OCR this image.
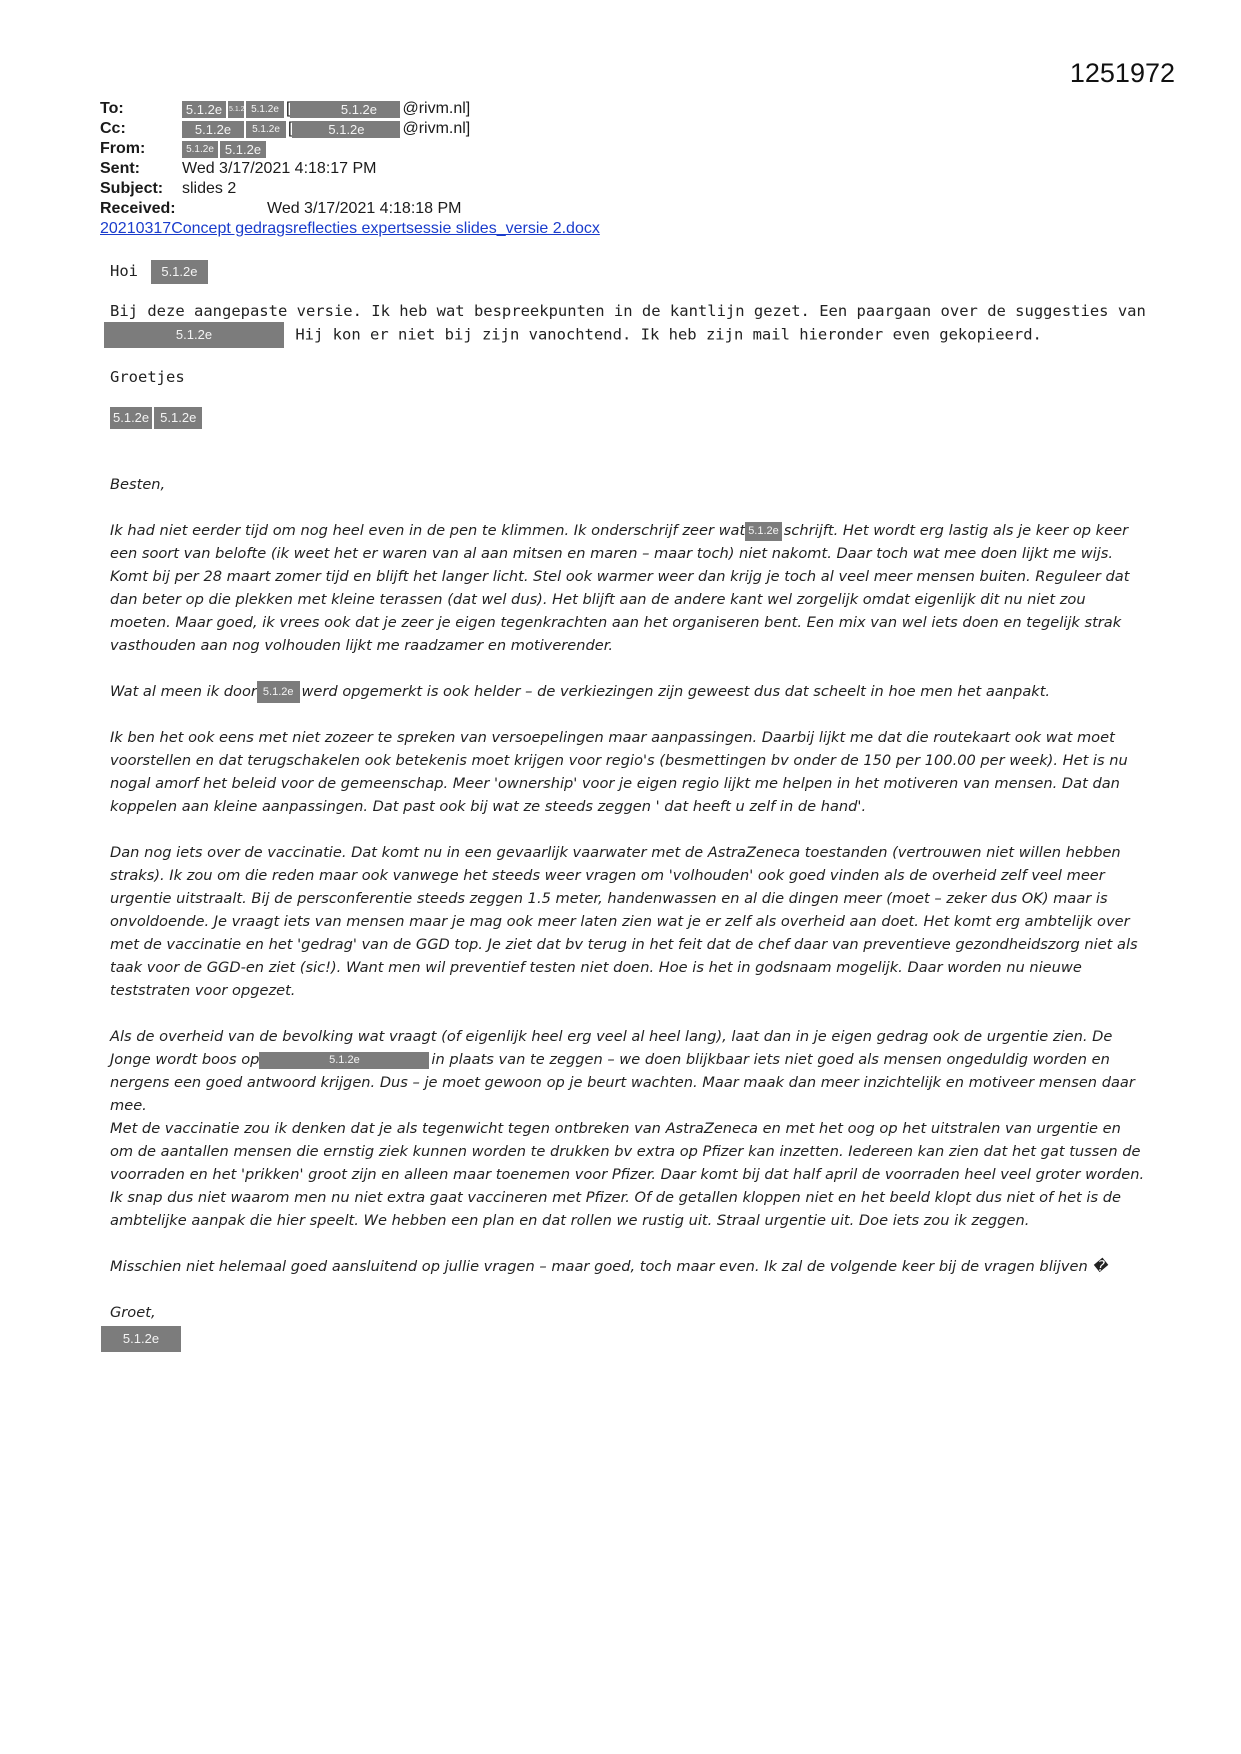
1251972
To:	5.1.2e 5.1.2 5.1.2e [	5.1.2e	@rivm.nl]
Cc:	5.1.2e	5.1.2e [	5.1.2e	@rivm.nl]
From:	5.1.2e 5.1.2e
Sent:	Wed 3/17/2021 4:18:17 PM
Subject:	slides 2
Received:	Wed 3/17/2021 4:18:18 PM
20210317Concept gedragsreflecties expertsessie slides_versie 2.docx

Hoi 5.1.2e

Bij deze aangepaste versie. Ik heb wat bespreekpunten in de kantlijn gezet. Een paargaan over de suggesties van

5.1.2e	Hij kon er niet bij zijn vanochtend. Ik heb zijn mail hieronder even gekopieerd.

Groetjes

5.1.2e 5.1.2e

Besten,

Ik had niet eerder tijd om nog heel even in de pen te klimmen. Ik onderschrijf zeer wat 5.1.2e schrijft. Het wordt erg lastig als je keer op keer een soort van belofte (ik weet het er waren van al aan mitsen en maren – maar toch) niet nakomt. Daar toch wat mee doen lijkt me wijs. Komt bij per 28 maart zomer tijd en blijft het langer licht. Stel ook warmer weer dan krijg je toch al veel meer mensen buiten. Reguleer dat dan beter op die plekken met kleine terassen (dat wel dus). Het blijft aan de andere kant wel zorgelijk omdat eigenlijk dit nu niet zou moeten. Maar goed, ik vrees ook dat je zeer je eigen tegenkrachten aan het organiseren bent. Een mix van wel iets doen en tegelijk strak vasthouden aan nog volhouden lijkt me raadzamer en motiverender.

Wat al meen ik door 5.1.2e werd opgemerkt is ook helder – de verkiezingen zijn geweest dus dat scheelt in hoe men het aanpakt.

Ik ben het ook eens met niet zozeer te spreken van versoepelingen maar aanpassingen. Daarbij lijkt me dat die routekaart ook wat moet voorstellen en dat terugschakelen ook betekenis moet krijgen voor regio's (besmettingen bv onder de 150 per 100.00 per week). Het is nu nogal amorf het beleid voor de gemeenschap. Meer 'ownership' voor je eigen regio lijkt me helpen in het motiveren van mensen. Dat dan koppelen aan kleine aanpassingen. Dat past ook bij wat ze steeds zeggen ' dat heeft u zelf in de hand'.

Dan nog iets over de vaccinatie. Dat komt nu in een gevaarlijk vaarwater met de AstraZeneca toestanden (vertrouwen niet willen hebben straks). Ik zou om die reden maar ook vanwege het steeds weer vragen om 'volhouden' ook goed vinden als de overheid zelf veel meer urgentie uitstraalt. Bij de persconferentie steeds zeggen 1.5 meter, handenwassen en al die dingen meer (moet – zeker dus OK) maar is onvoldoende. Je vraagt iets van mensen maar je mag ook meer laten zien wat je er zelf als overheid aan doet. Het komt erg ambtelijk over met de vaccinatie en het 'gedrag' van de GGD top. Je ziet dat bv terug in het feit dat de chef daar van preventieve gezondheidszorg niet als taak voor de GGD-en ziet (sic!). Want men wil preventief testen niet doen. Hoe is het in godsnaam mogelijk. Daar worden nu nieuwe teststraten voor opgezet.

Als de overheid van de bevolking wat vraagt (of eigenlijk heel erg veel al heel lang), laat dan in je eigen gedrag ook de urgentie zien. De Jonge wordt boos op	5.1.2e	in plaats van te zeggen – we doen blijkbaar iets niet goed als mensen ongeduldig worden en nergens een goed antwoord krijgen. Dus – je moet gewoon op je beurt wachten. Maar maak dan meer inzichtelijk en motiveer mensen daar mee.

Met de vaccinatie zou ik denken dat je als tegenwicht tegen ontbreken van AstraZeneca en met het oog op het uitstralen van urgentie en om de aantallen mensen die ernstig ziek kunnen worden te drukken bv extra op Pfizer kan inzetten. Iedereen kan zien dat het gat tussen de voorraden en het 'prikken' groot zijn en alleen maar toenemen voor Pfizer. Daar komt bij dat half april de voorraden heel veel groter worden. Ik snap dus niet waarom men nu niet extra gaat vaccineren met Pfizer. Of de getallen kloppen niet en het beeld klopt dus niet of het is de ambtelijke aanpak die hier speelt. We hebben een plan en dat rollen we rustig uit. Straal urgentie uit. Doe iets zou ik zeggen.

Misschien niet helemaal goed aansluitend op jullie vragen – maar goed, toch maar even. Ik zal de volgende keer bij de vragen blijven �

Groet,

5.1.2e
